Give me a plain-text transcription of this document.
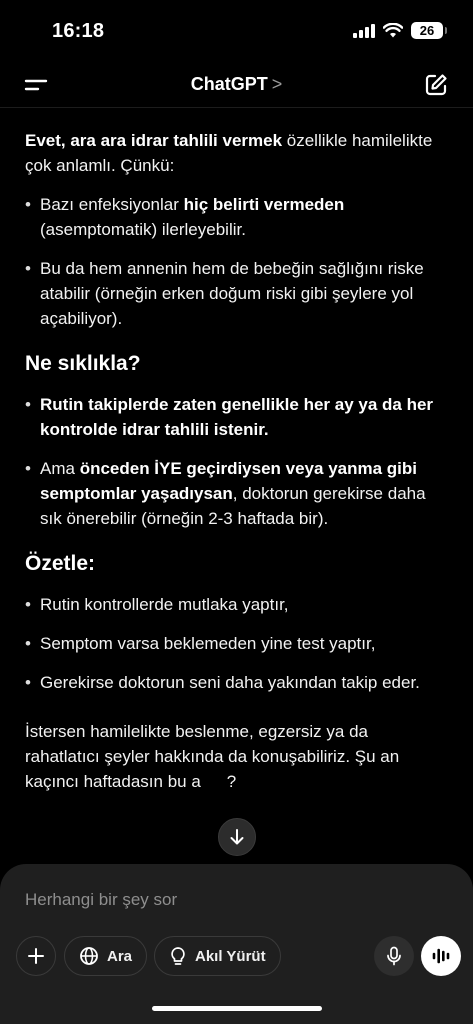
16:18	26
ChatGPT >

Evet, ara ara idrar tahlili vermek özellikle hamilelikte çok anlamlı. Çünkü:

• Bazı enfeksiyonlar hiç belirti vermeden (asemptomatik) ilerleyebilir.
• Bu da hem annenin hem de bebeğin sağlığını riske atabilir (örneğin erken doğum riski gibi şeylere yol açabiliyor).
Ne sıklıkla?
• Rutin takiplerde zaten genellikle her ay ya da her kontrolde idrar tahlili istenir.
• Ama önceden İYE geçirdiysen veya yanma gibi semptomlar yaşadıysan, doktorun gerekirse daha sık önerebilir (örneğin 2-3 haftada bir).
Özetle:
• Rutin kontrollerde mutlaka yaptır,
• Semptom varsa beklemeden yine test yaptır,
• Gerekirse doktorun seni daha yakından takip eder.

İstersen hamilelikte beslenme, egzersiz ya da rahatlatıcı şeyler hakkında da konuşabiliriz. Şu an kaçıncı haftadasın bu a ?

Herhangi bir şey sor
Ara	Akıl Yürüt
